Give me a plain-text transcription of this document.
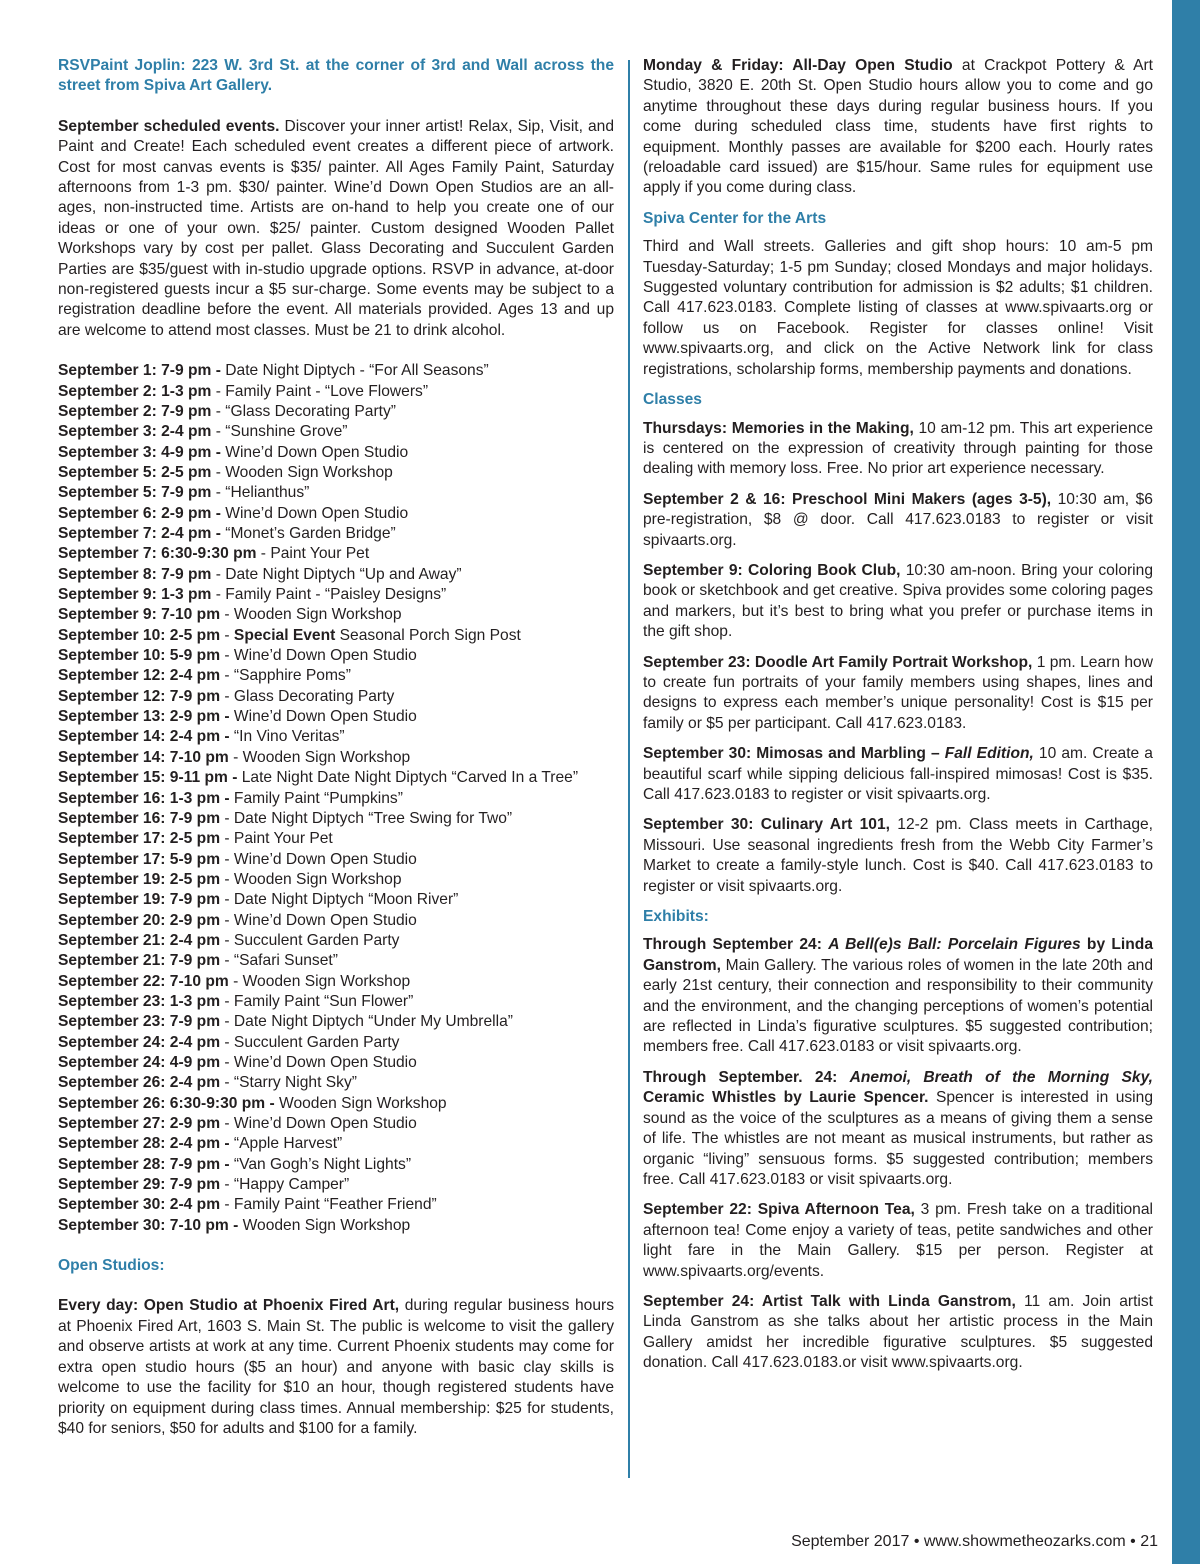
RSVPaint Joplin: 223 W. 3rd St. at the corner of 3rd and Wall across the street from Spiva Art Gallery.

September scheduled events. Discover your inner artist! Relax, Sip, Visit, and Paint and Create! Each scheduled event creates a different piece of artwork. Cost for most canvas events is $35/ painter. All Ages Family Paint, Saturday afternoons from 1-3 pm. $30/ painter. Wine’d Down Open Studios are an all-ages, non-instructed time. Artists are on-hand to help you create one of our ideas or one of your own. $25/ painter. Custom designed Wooden Pallet Workshops vary by cost per pallet. Glass Decorating and Succulent Garden Parties are $35/guest with in-studio upgrade options. RSVP in advance, at-door non-registered guests incur a $5 sur-charge. Some events may be subject to a registration deadline before the event. All materials provided. Ages 13 and up are welcome to attend most classes. Must be 21 to drink alcohol.

September 1: 7-9 pm - Date Night Diptych - “For All Seasons”
September 2: 1-3 pm - Family Paint - “Love Flowers”
September 2: 7-9 pm - “Glass Decorating Party”
September 3: 2-4 pm - “Sunshine Grove”
September 3: 4-9 pm - Wine’d Down Open Studio
September 5: 2-5 pm - Wooden Sign Workshop
September 5: 7-9 pm - “Helianthus”
September 6: 2-9 pm - Wine’d Down Open Studio
September 7: 2-4 pm - “Monet’s Garden Bridge”
September 7: 6:30-9:30 pm - Paint Your Pet
September 8: 7-9 pm - Date Night Diptych “Up and Away”
September 9: 1-3 pm - Family Paint - “Paisley Designs”
September 9: 7-10 pm - Wooden Sign Workshop
September 10: 2-5 pm - Special Event Seasonal Porch Sign Post
September 10: 5-9 pm - Wine’d Down Open Studio
September 12: 2-4 pm - “Sapphire Poms”
September 12: 7-9 pm - Glass Decorating Party
September 13: 2-9 pm - Wine’d Down Open Studio
September 14: 2-4 pm - “In Vino Veritas”
September 14: 7-10 pm - Wooden Sign Workshop
September 15: 9-11 pm - Late Night Date Night Diptych “Carved In a Tree”
September 16: 1-3 pm - Family Paint “Pumpkins”
September 16: 7-9 pm - Date Night Diptych “Tree Swing for Two”
September 17: 2-5 pm - Paint Your Pet
September 17: 5-9 pm - Wine’d Down Open Studio
September 19: 2-5 pm - Wooden Sign Workshop
September 19: 7-9 pm - Date Night Diptych “Moon River”
September 20: 2-9 pm - Wine’d Down Open Studio
September 21: 2-4 pm - Succulent Garden Party
September 21: 7-9 pm - “Safari Sunset”
September 22: 7-10 pm - Wooden Sign Workshop
September 23: 1-3 pm - Family Paint “Sun Flower”
September 23: 7-9 pm - Date Night Diptych “Under My Umbrella”
September 24: 2-4 pm - Succulent Garden Party
September 24: 4-9 pm - Wine’d Down Open Studio
September 26: 2-4 pm - “Starry Night Sky”
September 26: 6:30-9:30 pm - Wooden Sign Workshop
September 27: 2-9 pm - Wine’d Down Open Studio
September 28: 2-4 pm - “Apple Harvest”
September 28: 7-9 pm - “Van Gogh’s Night Lights”
September 29: 7-9 pm - “Happy Camper”
September 30: 2-4 pm - Family Paint “Feather Friend”
September 30: 7-10 pm - Wooden Sign Workshop

Open Studios:

Every day: Open Studio at Phoenix Fired Art, during regular business hours at Phoenix Fired Art, 1603 S. Main St. The public is welcome to visit the gallery and observe artists at work at any time. Current Phoenix students may come for extra open studio hours ($5 an hour) and anyone with basic clay skills is welcome to use the facility for $10 an hour, though registered students have priority on equipment during class times. Annual membership: $25 for students, $40 for seniors, $50 for adults and $100 for a family.

Monday & Friday: All-Day Open Studio at Crackpot Pottery & Art Studio, 3820 E. 20th St. Open Studio hours allow you to come and go anytime throughout these days during regular business hours. If you come during scheduled class time, students have first rights to equipment. Monthly passes are available for $200 each. Hourly rates (reloadable card issued) are $15/hour. Same rules for equipment use apply if you come during class.

Spiva Center for the Arts

Third and Wall streets. Galleries and gift shop hours: 10 am-5 pm Tuesday-Saturday; 1-5 pm Sunday; closed Mondays and major holidays. Suggested voluntary contribution for admission is $2 adults; $1 children. Call 417.623.0183. Complete listing of classes at www.spivaarts.org or follow us on Facebook. Register for classes online! Visit www.spivaarts.org, and click on the Active Network link for class registrations, scholarship forms, membership payments and donations.

Classes

Thursdays: Memories in the Making, 10 am-12 pm. This art experience is centered on the expression of creativity through painting for those dealing with memory loss. Free. No prior art experience necessary.

September 2 & 16: Preschool Mini Makers (ages 3-5), 10:30 am, $6 pre-registration, $8 @ door. Call 417.623.0183 to register or visit spivaarts.org.

September 9: Coloring Book Club, 10:30 am-noon. Bring your coloring book or sketchbook and get creative. Spiva provides some coloring pages and markers, but it’s best to bring what you prefer or purchase items in the gift shop.

September 23: Doodle Art Family Portrait Workshop, 1 pm. Learn how to create fun portraits of your family members using shapes, lines and designs to express each member’s unique personality! Cost is $15 per family or $5 per participant. Call 417.623.0183.

September 30: Mimosas and Marbling – Fall Edition, 10 am. Create a beautiful scarf while sipping delicious fall-inspired mimosas! Cost is $35. Call 417.623.0183 to register or visit spivaarts.org.

September 30: Culinary Art 101, 12-2 pm. Class meets in Carthage, Missouri. Use seasonal ingredients fresh from the Webb City Farmer’s Market to create a family-style lunch. Cost is $40. Call 417.623.0183 to register or visit spivaarts.org.

Exhibits:

Through September 24: A Bell(e)s Ball: Porcelain Figures by Linda Ganstrom, Main Gallery. The various roles of women in the late 20th and early 21st century, their connection and responsibility to their community and the environment, and the changing perceptions of women’s potential are reflected in Linda’s figurative sculptures. $5 suggested contribution; members free. Call 417.623.0183 or visit spivaarts.org.

Through September. 24: Anemoi, Breath of the Morning Sky, Ceramic Whistles by Laurie Spencer. Spencer is interested in using sound as the voice of the sculptures as a means of giving them a sense of life. The whistles are not meant as musical instruments, but rather as organic “living” sensuous forms. $5 suggested contribution; members free. Call 417.623.0183 or visit spivaarts.org.

September 22: Spiva Afternoon Tea, 3 pm. Fresh take on a traditional afternoon tea! Come enjoy a variety of teas, petite sandwiches and other light fare in the Main Gallery. $15 per person. Register at www.spivaarts.org/events.

September 24: Artist Talk with Linda Ganstrom, 11 am. Join artist Linda Ganstrom as she talks about her artistic process in the Main Gallery amidst her incredible figurative sculptures. $5 suggested donation. Call 417.623.0183.or visit www.spivaarts.org.

September 2017 • www.showmetheozarks.com • 21
